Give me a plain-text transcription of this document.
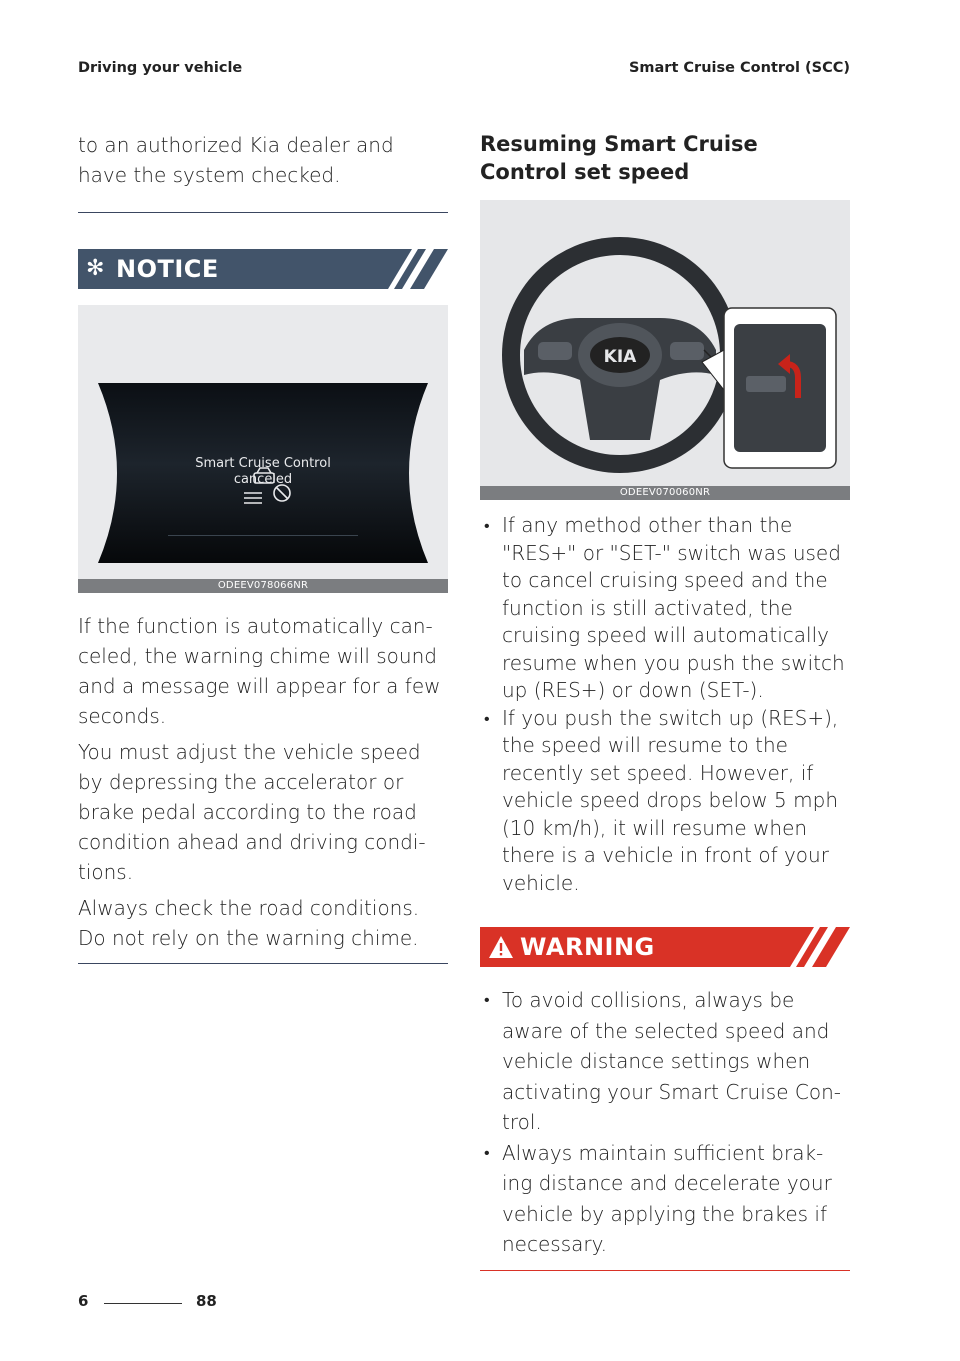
Driving your vehicle	Smart Cruise Control (SCC)

to an authorized Kia dealer and have the system checked.

✻ NOTICE
Smart Cruise Control
canceled
ODEEV078066NR

If the function is automatically can-celed, the warning chime will sound and a message will appear for a few seconds.

You must adjust the vehicle speed by depressing the accelerator or brake pedal according to the road condition ahead and driving condi-tions.

Always check the road conditions. Do not rely on the warning chime.

Resuming Smart Cruise Control set speed
KIA
ODEEV070060NR
• If any method other than the "RES+" or "SET-" switch was used to cancel cruising speed and the function is still activated, the cruising speed will automatically resume when you push the switch up (RES+) or down (SET-).
• If you push the switch up (RES+), the speed will resume to the recently set speed. However, if vehicle speed drops below 5 mph (10 km/h), it will resume when there is a vehicle in front of your vehicle.
WARNING
• To avoid collisions, always be aware of the selected speed and vehicle distance settings when activating your Smart Cruise Con-trol.
• Always maintain sufficient brak-ing distance and decelerate your vehicle by applying the brakes if necessary.
6	88
